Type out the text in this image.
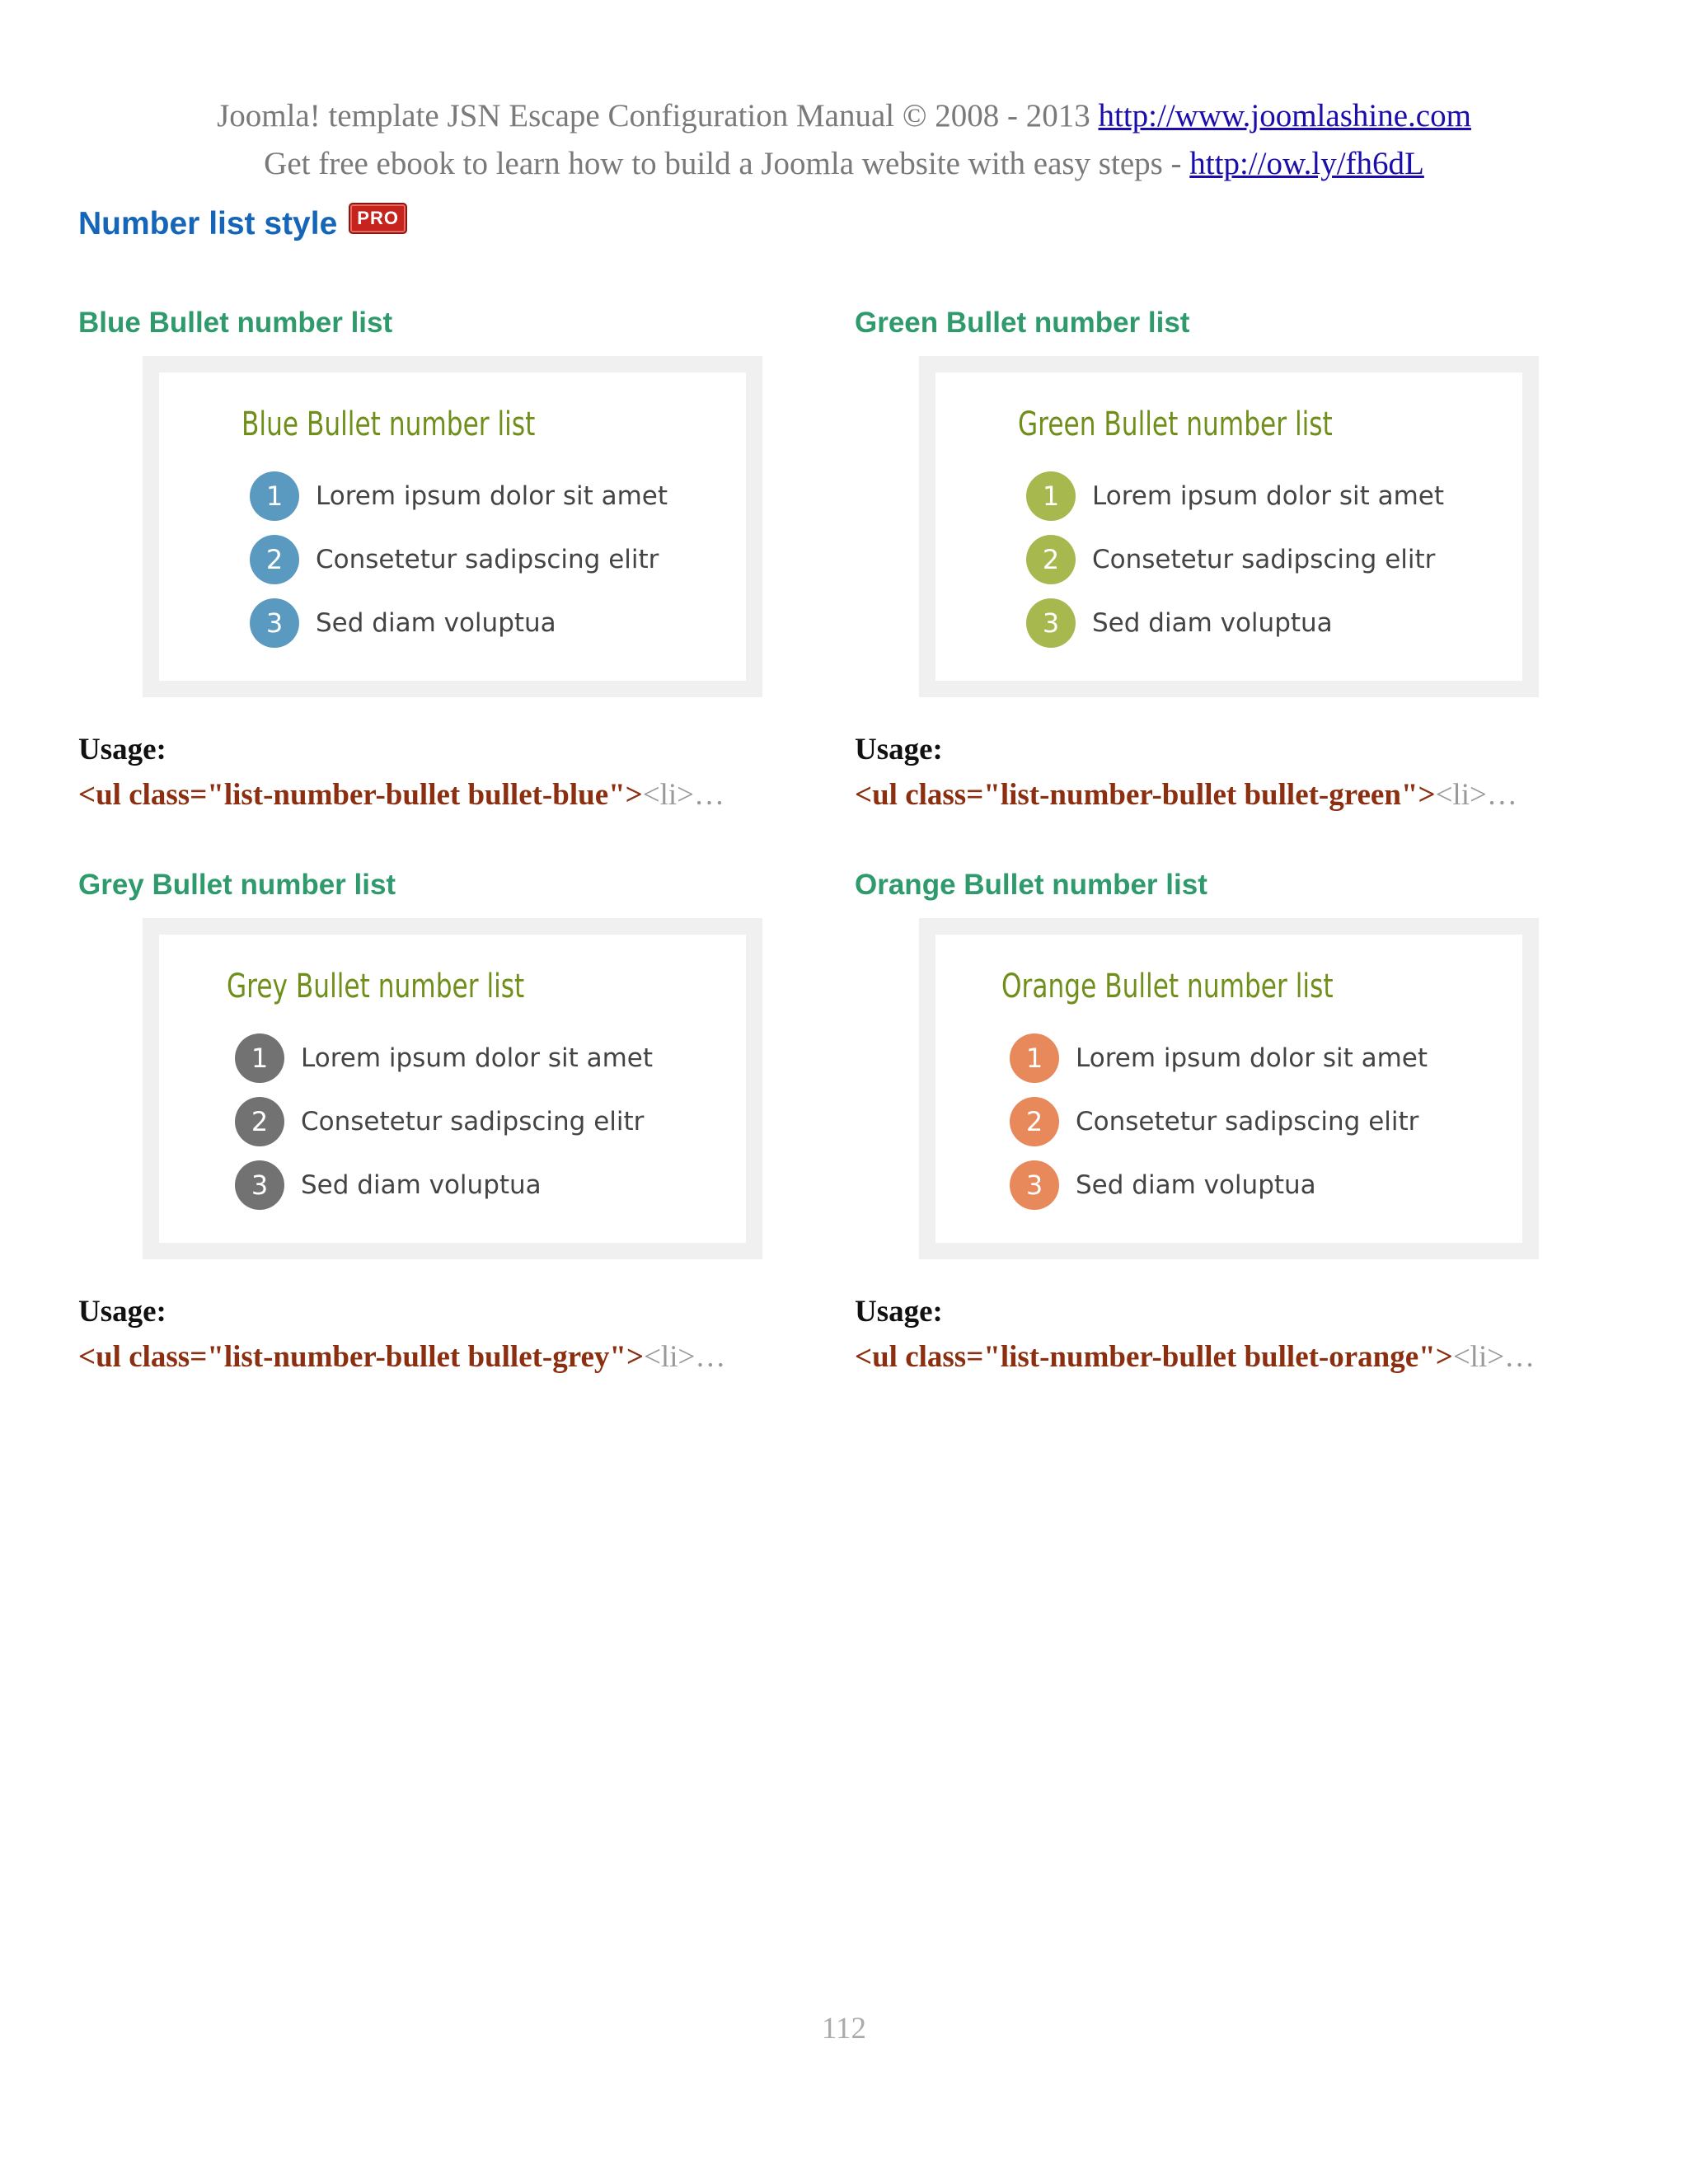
Joomla! template JSN Escape Configuration Manual © 2008 - 2013 http://www.joomlashine.com
Get free ebook to learn how to build a Joomla website with easy steps - http://ow.ly/fh6dL
Number list style	PRO
Blue Bullet number list
Blue Bullet number list
1	Lorem ipsum dolor sit amet
2	Consetetur sadipscing elitr
3	Sed diam voluptua
Usage:
<ul class="list-number-bullet bullet-blue"><li>…
Green Bullet number list
Green Bullet number list
1	Lorem ipsum dolor sit amet
2	Consetetur sadipscing elitr
3	Sed diam voluptua
Usage:
<ul class="list-number-bullet bullet-green"><li>…
Grey Bullet number list
Grey Bullet number list
1	Lorem ipsum dolor sit amet
2	Consetetur sadipscing elitr
3	Sed diam voluptua
Usage:
<ul class="list-number-bullet bullet-grey"><li>…
Orange Bullet number list
Orange Bullet number list
1	Lorem ipsum dolor sit amet
2	Consetetur sadipscing elitr
3	Sed diam voluptua
Usage:
<ul class="list-number-bullet bullet-orange"><li>…
112
